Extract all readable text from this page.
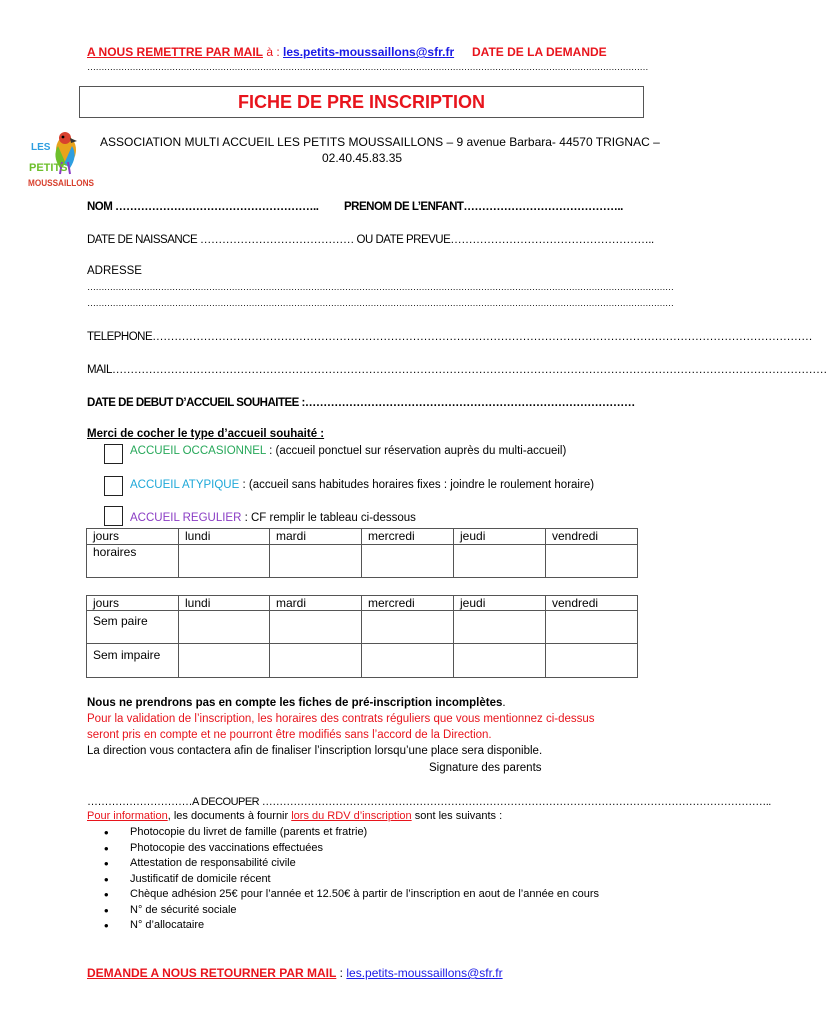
A NOUS REMETTRE PAR MAIL à : les.petits-moussaillons@sfr.fr DATE DE LA DEMANDE
………………………………………………………………………………………………………………………………………………………………………………
FICHE DE PRE INSCRIPTION
LES
PETITS
MOUSSAILLONS
ASSOCIATION MULTI ACCUEIL LES PETITS MOUSSAILLONS – 9 avenue Barbara- 44570 TRIGNAC –
02.40.45.83.35
NOM ………………………………………………..	PRENOM DE L’ENFANT……………………………………..
DATE DE NAISSANCE …………………………………… OU DATE PREVUE………………………………………………..
ADRESSE
………………………………………………………………………………………………………………………………………………………………………………………
………………………………………………………………………………………………………………………………………………………………………………………
TELEPHONE………………………………………………………………………………………………………………………………………………………………
MAIL……………………………………………………………………………………………………………………………………………………………………………
DATE DE DEBUT D’ACCUEIL SOUHAITEE :………………………………………………………………………………
Merci de cocher le type d’accueil souhaité :
ACCUEIL OCCASIONNEL : (accueil ponctuel sur réservation auprès du multi-accueil)
ACCUEIL ATYPIQUE : (accueil sans habitudes horaires fixes : joindre le roulement horaire)
ACCUEIL REGULIER : CF remplir le tableau ci-dessous
jours	lundi	mardi	mercredi	jeudi	vendredi
horaires					
jours	lundi	mardi	mercredi	jeudi	vendredi
Sem paire					
Sem impaire					
Nous ne prendrons pas en compte les fiches de pré-inscription incomplètes.
Pour la validation de l’inscription, les horaires des contrats réguliers que vous mentionnez ci-dessus
seront pris en compte et ne pourront être modifiés sans l’accord de la Direction.
La direction vous contactera afin de finaliser l’inscription lorsqu’une place sera disponible.
Signature des parents
…………………………A DECOUPER ………………………………………………………………………………………………………………………………..
Pour information, les documents à fournir lors du RDV d’inscription sont les suivants :
• Photocopie du livret de famille (parents et fratrie)
• Photocopie des vaccinations effectuées
• Attestation de responsabilité civile
• Justificatif de domicile récent
• Chèque adhésion 25€ pour l’année et 12.50€ à partir de l’inscription en aout de l’année en cours
• N° de sécurité sociale
• N° d’allocataire
DEMANDE A NOUS RETOURNER PAR MAIL : les.petits-moussaillons@sfr.fr
